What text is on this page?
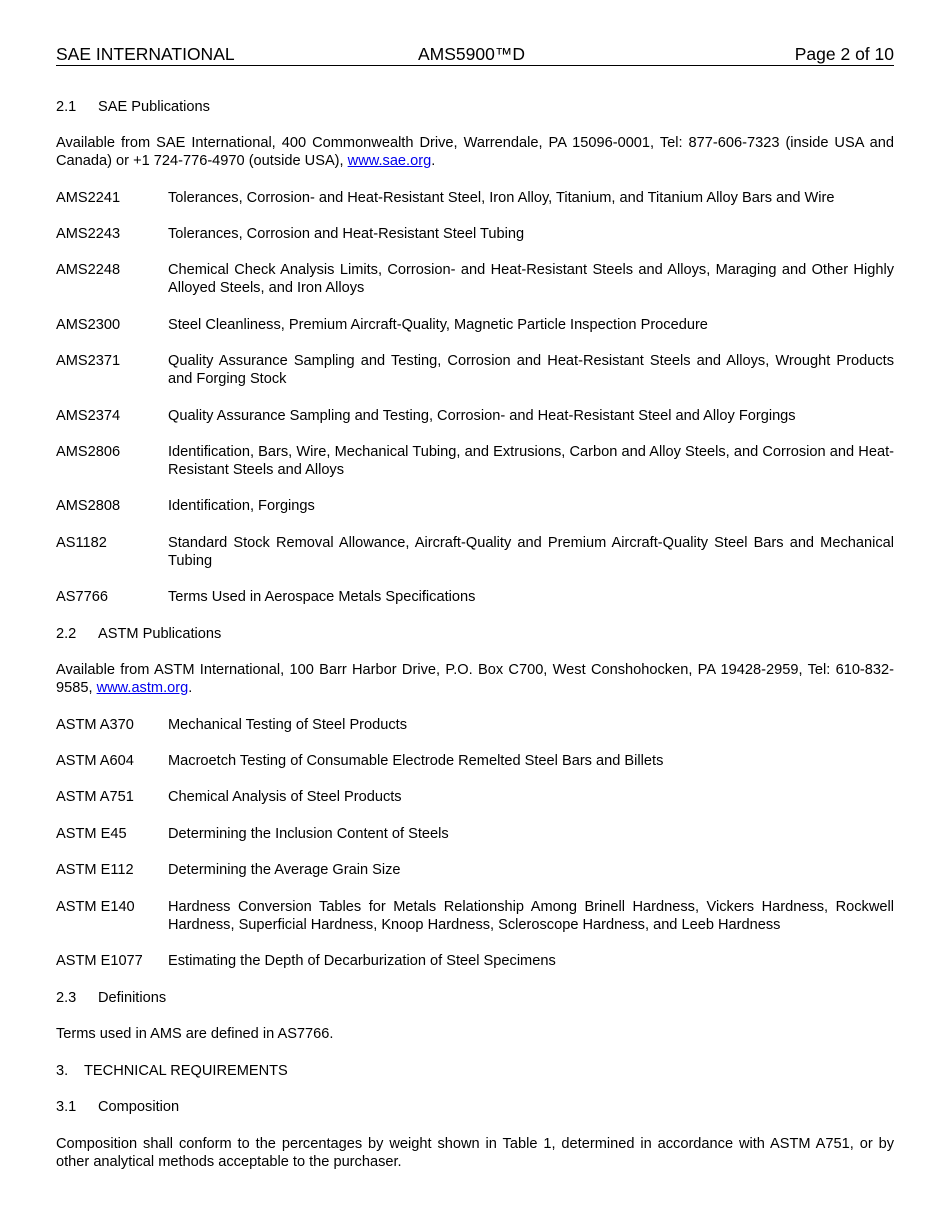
SAE INTERNATIONAL	AMS5900™D	Page 2 of 10
2.1 SAE Publications
Available from SAE International, 400 Commonwealth Drive, Warrendale, PA 15096-0001, Tel: 877-606-7323 (inside USA and Canada) or +1 724-776-4970 (outside USA), www.sae.org.
AMS2241	Tolerances, Corrosion- and Heat-Resistant Steel, Iron Alloy, Titanium, and Titanium Alloy Bars and Wire
AMS2243	Tolerances, Corrosion and Heat-Resistant Steel Tubing
AMS2248	Chemical Check Analysis Limits, Corrosion- and Heat-Resistant Steels and Alloys, Maraging and Other Highly Alloyed Steels, and Iron Alloys
AMS2300	Steel Cleanliness, Premium Aircraft-Quality, Magnetic Particle Inspection Procedure
AMS2371	Quality Assurance Sampling and Testing, Corrosion and Heat-Resistant Steels and Alloys, Wrought Products and Forging Stock
AMS2374	Quality Assurance Sampling and Testing, Corrosion- and Heat-Resistant Steel and Alloy Forgings
AMS2806	Identification, Bars, Wire, Mechanical Tubing, and Extrusions, Carbon and Alloy Steels, and Corrosion and Heat-Resistant Steels and Alloys
AMS2808	Identification, Forgings
AS1182	Standard Stock Removal Allowance, Aircraft-Quality and Premium Aircraft-Quality Steel Bars and Mechanical Tubing
AS7766	Terms Used in Aerospace Metals Specifications
2.2 ASTM Publications
Available from ASTM International, 100 Barr Harbor Drive, P.O. Box C700, West Conshohocken, PA 19428-2959, Tel: 610-832-9585, www.astm.org.
ASTM A370	Mechanical Testing of Steel Products
ASTM A604	Macroetch Testing of Consumable Electrode Remelted Steel Bars and Billets
ASTM A751	Chemical Analysis of Steel Products
ASTM E45	Determining the Inclusion Content of Steels
ASTM E112	Determining the Average Grain Size
ASTM E140	Hardness Conversion Tables for Metals Relationship Among Brinell Hardness, Vickers Hardness, Rockwell Hardness, Superficial Hardness, Knoop Hardness, Scleroscope Hardness, and Leeb Hardness
ASTM E1077	Estimating the Depth of Decarburization of Steel Specimens
2.3 Definitions
Terms used in AMS are defined in AS7766.
3. TECHNICAL REQUIREMENTS
3.1 Composition
Composition shall conform to the percentages by weight shown in Table 1, determined in accordance with ASTM A751, or by other analytical methods acceptable to the purchaser.
